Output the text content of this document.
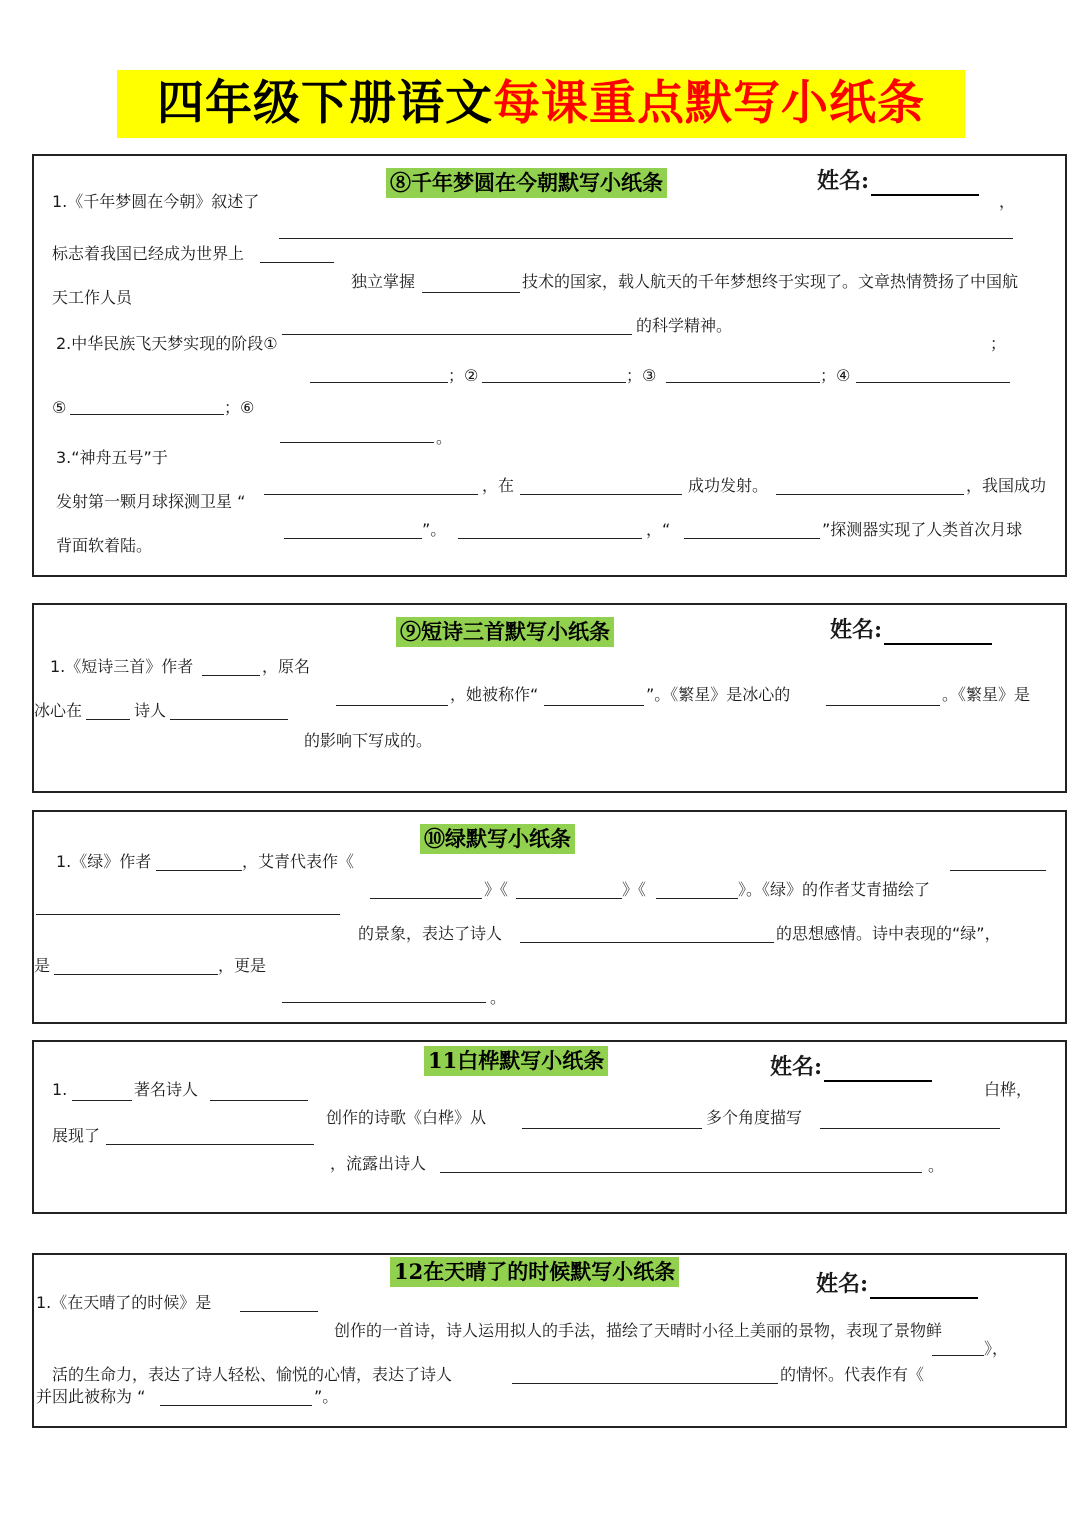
四年级下册语文每课重点默写小纸条
⑧千年梦圆在今朝默写小纸条	姓名:
1.《千年梦圆在今朝》叙述了	，
标志着我国已经成为世界上
独立掌握	技术的国家，载人航天的千年梦想终于实现了。文章热情赞扬了中国航
天工作人员
的科学精神。
2.中华民族飞天梦实现的阶段①	；
；②	；③	；④
⑤	；⑥
。
3.“神舟五号”于
，在	成功发射。	，我国成功
发射第一颗月球探测卫星 “
”。	，“	”探测器实现了人类首次月球
背面软着陆。
⑨短诗三首默写小纸条	姓名:
1.《短诗三首》作者	，原名
，她被称作“	”。《繁星》是冰心的	。《繁星》是
冰心在	诗人
的影响下写成的。
⑩绿默写小纸条
1.《绿》作者	，艾青代表作《
》《	》《	》。《绿》的作者艾青描绘了
的景象，表达了诗人	的思想感情。诗中表现的“绿”，
是	，更是
。
11白桦默写小纸条	姓名:
1.	著名诗人	白桦，
创作的诗歌《白桦》从	多个角度描写
展现了
，流露出诗人	。
12在天晴了的时候默写小纸条	姓名:
1.《在天晴了的时候》是
创作的一首诗，诗人运用拟人的手法，描绘了天晴时小径上美丽的景物，表现了景物鲜
》，
活的生命力，表达了诗人轻松、愉悦的心情，表达了诗人	的情怀。代表作有《
并因此被称为 “	”。
